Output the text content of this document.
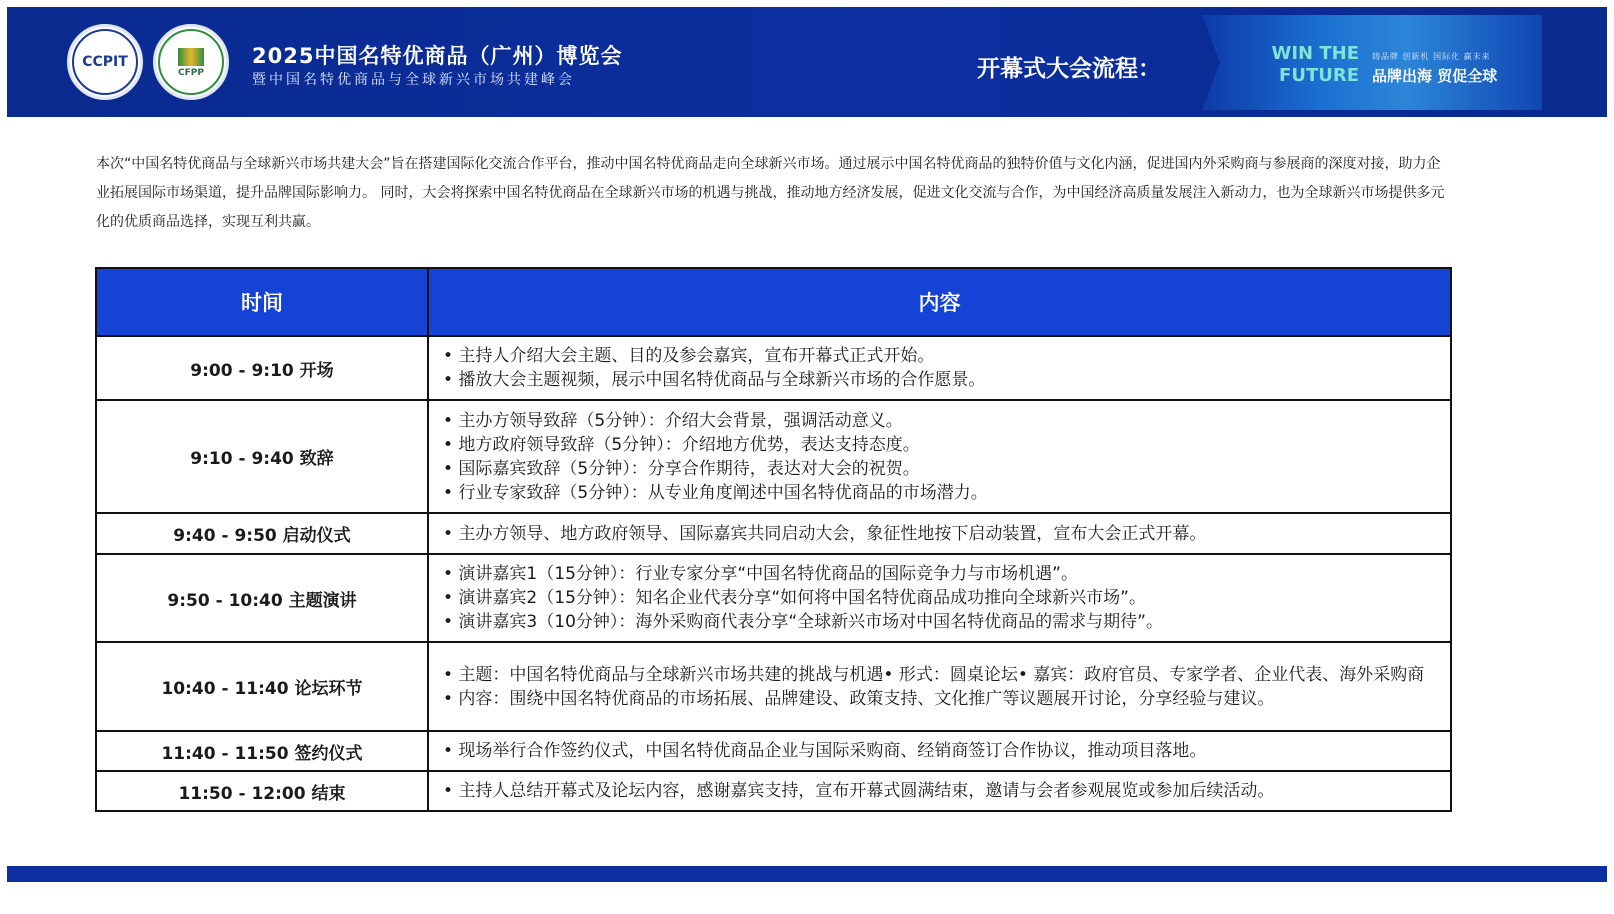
CCPIT
CFPP
2025中国名特优商品（广州）博览会
暨中国名特优商品与全球新兴市场共建峰会	开幕式大会流程：
WIN THE
FUTURE
铸品牌 创新机 国际化 赢未来
品牌出海 贸促全球
本次“中国名特优商品与全球新兴市场共建大会”旨在搭建国际化交流合作平台，推动中国名特优商品走向全球新兴市场。通过展示中国名特优商品的独特价值与文化内涵，促进国内外采购商与参展商的深度对接，助力企业拓展国际市场渠道，提升品牌国际影响力。 同时，大会将探索中国名特优商品在全球新兴市场的机遇与挑战，推动地方经济发展，促进文化交流与合作，为中国经济高质量发展注入新动力，也为全球新兴市场提供多元化的优质商品选择，实现互利共赢。
时间	内容
9:00 - 9:10 开场	• 主持人介绍大会主题、目的及参会嘉宾，宣布开幕式正式开始。
• 播放大会主题视频，展示中国名特优商品与全球新兴市场的合作愿景。

9:10 - 9:40 致辞	• 主办方领导致辞（5分钟）：介绍大会背景，强调活动意义。
• 地方政府领导致辞（5分钟）：介绍地方优势，表达支持态度。
• 国际嘉宾致辞（5分钟）：分享合作期待，表达对大会的祝贺。
• 行业专家致辞（5分钟）：从专业角度阐述中国名特优商品的市场潜力。

9:40 - 9:50 启动仪式	• 主办方领导、地方政府领导、国际嘉宾共同启动大会，象征性地按下启动装置，宣布大会正式开幕。

9:50 - 10:40 主题演讲	• 演讲嘉宾1（15分钟）：行业专家分享“中国名特优商品的国际竞争力与市场机遇”。
• 演讲嘉宾2（15分钟）：知名企业代表分享“如何将中国名特优商品成功推向全球新兴市场”。
• 演讲嘉宾3（10分钟）：海外采购商代表分享“全球新兴市场对中国名特优商品的需求与期待”。

10:40 - 11:40 论坛环节	• 主题：中国名特优商品与全球新兴市场共建的挑战与机遇• 形式：圆桌论坛• 嘉宾：政府官员、专家学者、企业代表、海外采购商
• 内容：围绕中国名特优商品的市场拓展、品牌建设、政策支持、文化推广等议题展开讨论，分享经验与建议。

11:40 - 11:50 签约仪式	• 现场举行合作签约仪式，中国名特优商品企业与国际采购商、经销商签订合作协议，推动项目落地。

11:50 - 12:00 结束	• 主持人总结开幕式及论坛内容，感谢嘉宾支持，宣布开幕式圆满结束，邀请与会者参观展览或参加后续活动。
